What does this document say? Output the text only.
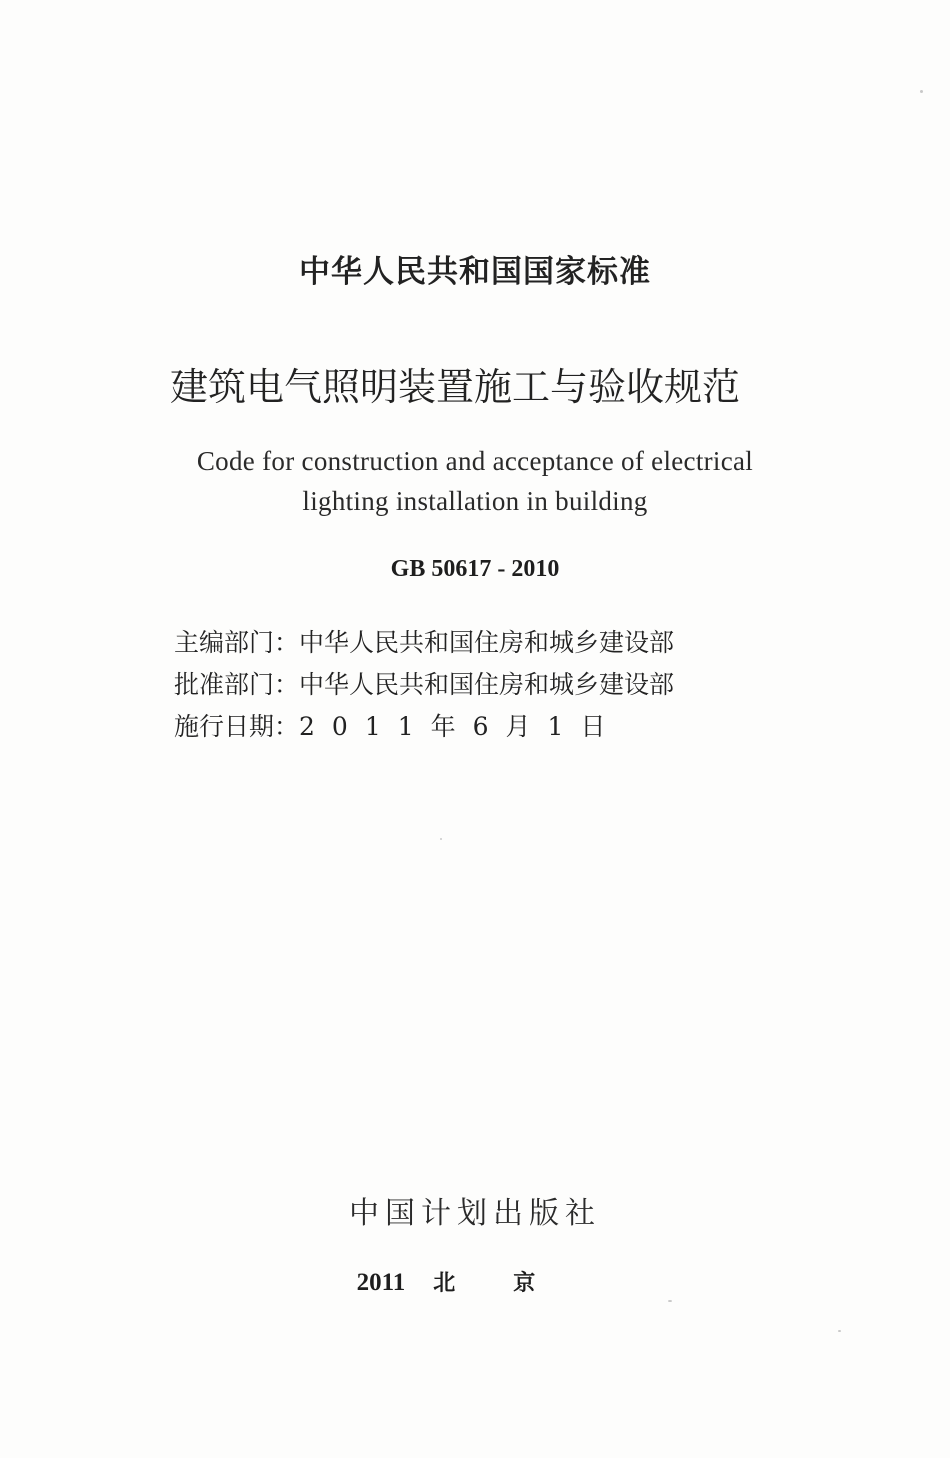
中华人民共和国国家标准
建筑电气照明装置施工与验收规范
Code for construction and acceptance of electrical
lighting installation in building
GB 50617 - 2010
主编部门： 中华人民共和国住房和城乡建设部
批准部门： 中华人民共和国住房和城乡建设部
施行日期： 2011年6月1日
中国计划出版社
2011 北京
